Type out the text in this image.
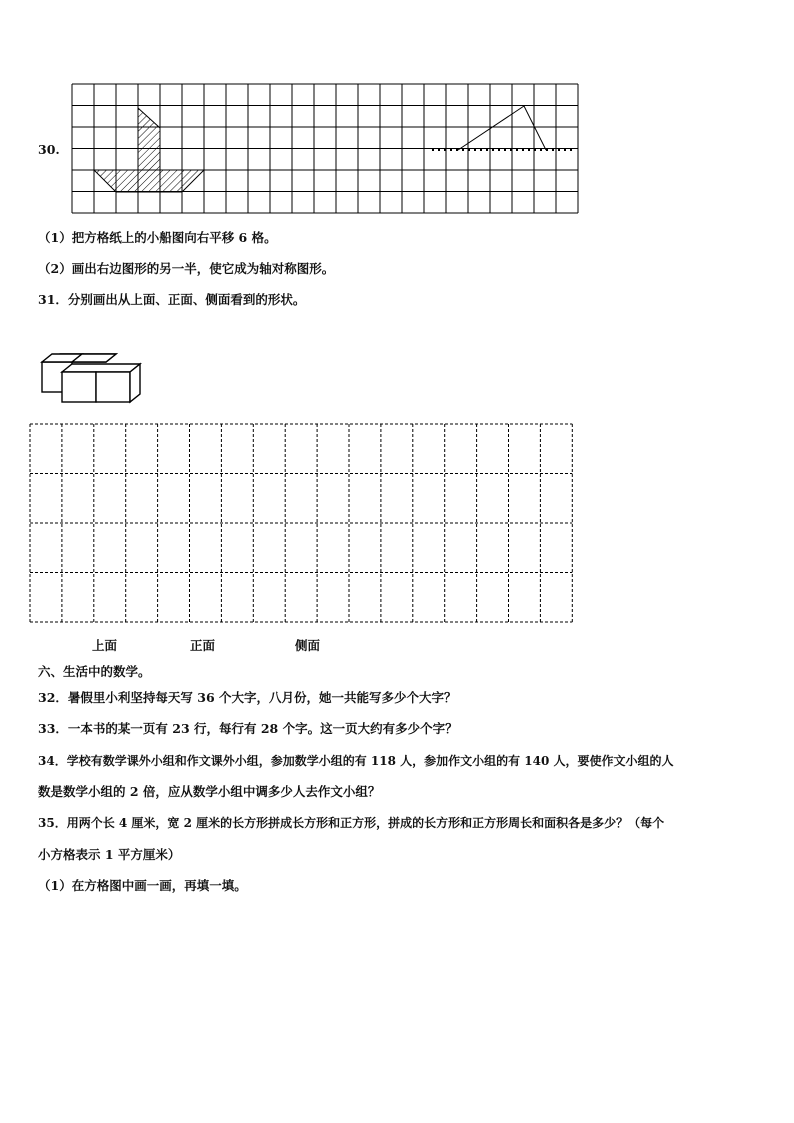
30.
（1）把方格纸上的小船图向右平移 6 格。
（2）画出右边图形的另一半，使它成为轴对称图形。
31．分别画出从上面、正面、侧面看到的形状。
上面	正面	侧面
六、生活中的数学。
32．暑假里小利坚持每天写 36 个大字，八月份，她一共能写多少个大字？
33．一本书的某一页有 23 行，每行有 28 个字。这一页大约有多少个字？
34．学校有数学课外小组和作文课外小组，参加数学小组的有 118 人，参加作文小组的有 140 人，要使作文小组的人
数是数学小组的 2 倍，应从数学小组中调多少人去作文小组？
35．用两个长 4 厘米，宽 2 厘米的长方形拼成长方形和正方形，拼成的长方形和正方形周长和面积各是多少？（每个
小方格表示 1 平方厘米）
（1）在方格图中画一画，再填一填。
